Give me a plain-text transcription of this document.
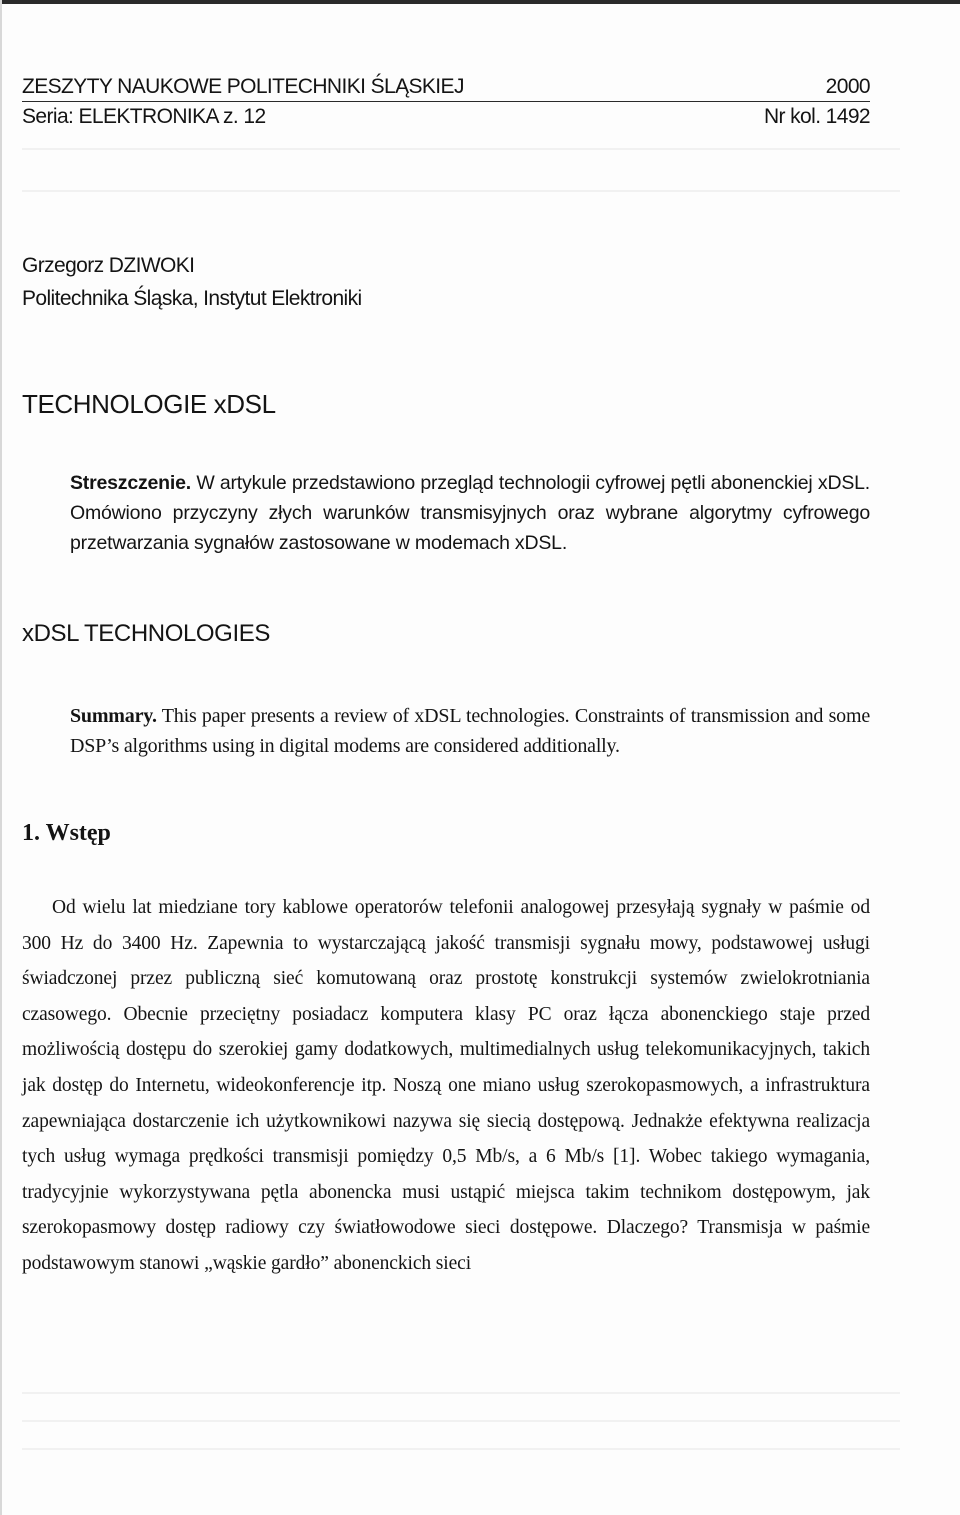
ZESZYTY NAUKOWE POLITECHNIKI ŚLĄSKIEJ	2000
Seria: ELEKTRONIKA z. 12	Nr kol. 1492
Grzegorz DZIWOKI
Politechnika Śląska, Instytut Elektroniki
TECHNOLOGIE xDSL
Streszczenie. W artykule przedstawiono przegląd technologii cyfrowej pętli abonenckiej xDSL. Omówiono przyczyny złych warunków transmisyjnych oraz wybrane algorytmy cyfrowego przetwarzania sygnałów zastosowane w modemach xDSL.
xDSL TECHNOLOGIES
Summary. This paper presents a review of xDSL technologies. Constraints of transmission and some DSP’s algorithms using in digital modems are considered additionally.
1. Wstęp
Od wielu lat miedziane tory kablowe operatorów telefonii analogowej przesyłają sygnały w paśmie od 300 Hz do 3400 Hz. Zapewnia to wystarczającą jakość transmisji sygnału mowy, podstawowej usługi świadczonej przez publiczną sieć komutowaną oraz prostotę konstrukcji systemów zwielokrotniania czasowego. Obecnie przeciętny posiadacz komputera klasy PC oraz łącza abonenckiego staje przed możliwością dostępu do szerokiej gamy dodatkowych, multimedialnych usług telekomunikacyjnych, takich jak dostęp do Internetu, wideokonferencje itp. Noszą one miano usług szerokopasmowych, a infrastruktura zapewniająca dostarczenie ich użytkownikowi nazywa się siecią dostępową. Jednakże efektywna realizacja tych usług wymaga prędkości transmisji pomiędzy 0,5 Mb/s, a 6 Mb/s [1]. Wobec takiego wymagania, tradycyjnie wykorzystywana pętla abonencka musi ustąpić miejsca takim technikom dostępowym, jak szerokopasmowy dostęp radiowy czy światłowodowe sieci dostępowe. Dlaczego? Transmisja w paśmie podstawowym stanowi „wąskie gardło” abonenckich sieci
